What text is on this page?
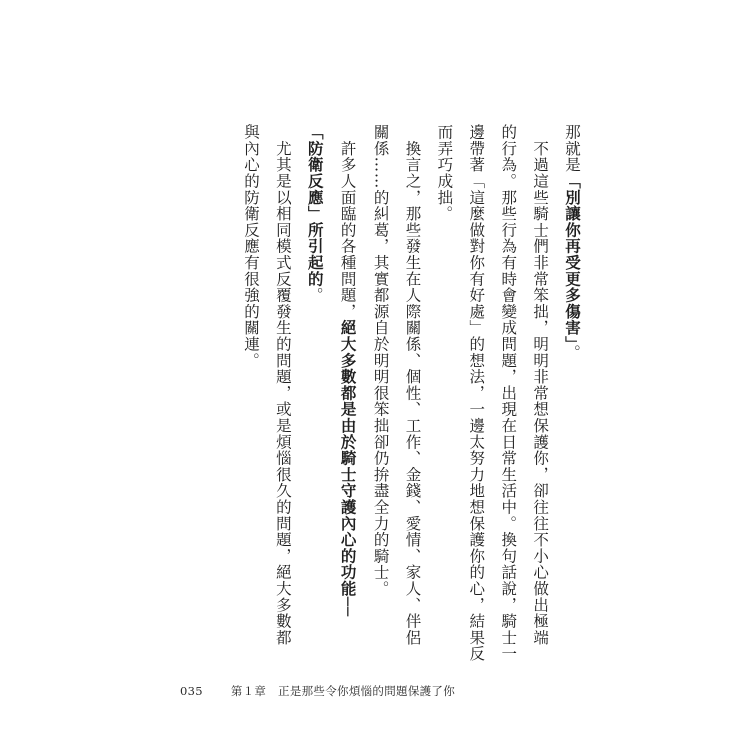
那就是「別讓你再受更多傷害」。
　不過這些騎士們非常笨拙，明明非常想保護你，卻往往不小心做出極端
的行為。那些行為有時會變成問題，出現在日常生活中。換句話說，騎士一
邊帶著「這麼做對你有好處」的想法，一邊太努力地想保護你的心，結果反
而弄巧成拙。
　換言之，那些發生在人際關係、個性、工作、金錢、愛情、家人、伴侶
關係……的糾葛，其實都源自於明明很笨拙卻仍拚盡全力的騎士。
　許多人面臨的各種問題，絕大多數都是由於騎士守護內心的功能──
「防衛反應」所引起的。
　尤其是以相同模式反覆發生的問題，或是煩惱很久的問題，絕大多數都
與內心的防衛反應有很強的關連。
035 第１章　正是那些令你煩惱的問題保護了你
